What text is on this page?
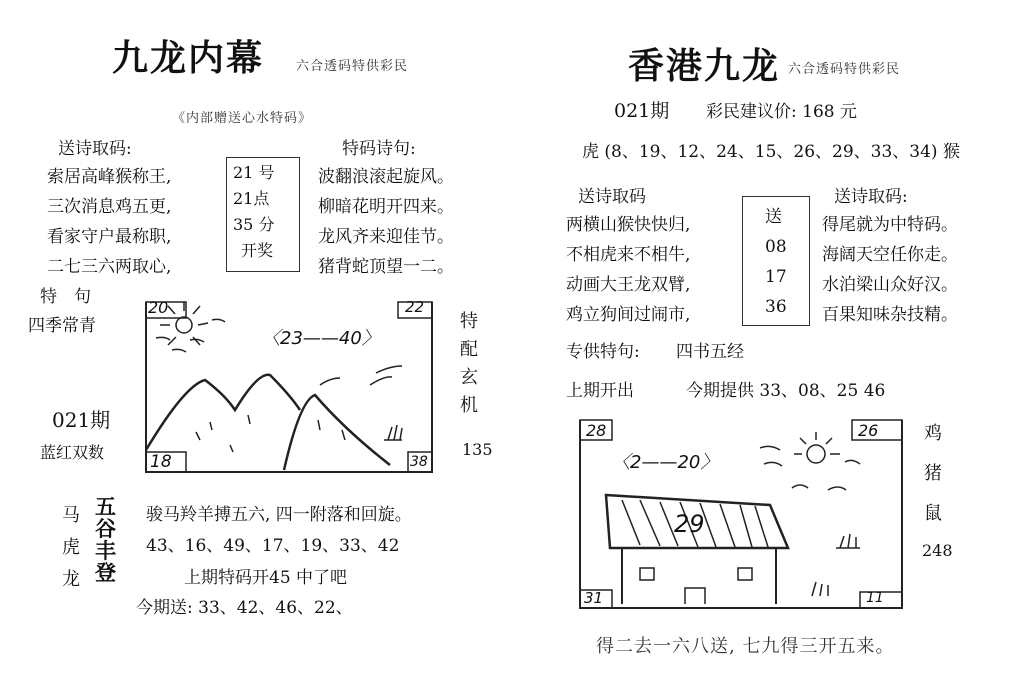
九龙内幕 六合透码特供彩民
《内部赠送心水特码》
送诗取码:
索居高峰猴称王,
三次消息鸡五更,
看家守户最称职,
二七三六两取心,
21 号
21点
35 分
开奖
特码诗句:
波翻浪滚起旋风。
柳暗花明开四来。
龙风齐来迎佳节。
猪背蛇顶望一二。
特　句
四季常青
021期
蓝红双数
20	22
〈23——40〉
18	38
特
配
玄
机
135
马
虎
龙
五
谷
丰
登
骏马羚羊搏五六, 四一附落和回旋。
43、16、49、17、19、33、42
上期特码开45 中了吧
今期送: 33、42、46、22、
香港九龙 六合透码特供彩民
021期 彩民建议价: 168 元
虎 (8、19、12、24、15、26、29、33、34) 猴
送诗取码
两横山猴快快归,
不相虎来不相牛,
动画大王龙双臂,
鸡立狗间过闹市,
送
08
17
36
送诗取码:
得尾就为中特码。
海阔天空任你走。
水泊梁山众好汉。
百果知味杂技精。
专供特句: 四书五经
上期开出	今期提供 33、08、25 46
28	26
〈2——20〉
29
31	11
鸡
猪
鼠
248
得二去一六八送, 七九得三开五来。
